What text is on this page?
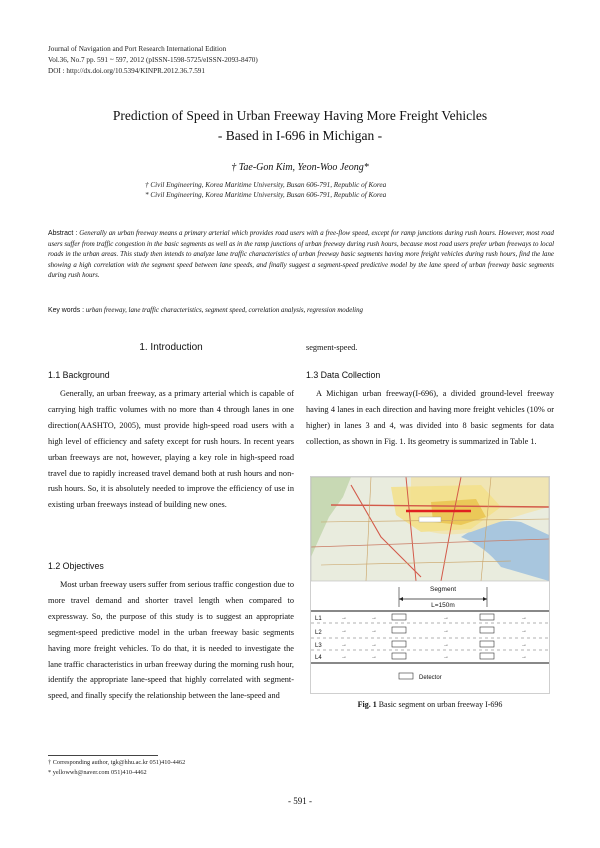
Journal of Navigation and Port Research International Edition
Vol.36, No.7 pp. 591 ~ 597, 2012 (pISSN-1598-5725/eISSN-2093-8470)
DOI : http://dx.doi.org/10.5394/KINPR.2012.36.7.591
Prediction of Speed in Urban Freeway Having More Freight Vehicles
- Based in I-696 in Michigan -
† Tae-Gon Kim, Yeon-Woo Jeong*
† Civil Engineering, Korea Maritime University, Busan 606-791, Republic of Korea
* Civil Engineering, Korea Maritime University, Busan 606-791, Republic of Korea
Abstract : Generally an urban freeway means a primary arterial which provides road users with a free-flow speed, except for ramp junctions during rush hours. However, most road users suffer from traffic congestion in the basic segments as well as in the ramp junctions of urban freeway during rush hours, because most road users prefer urban freeways to local roads in the urban areas. This study then intends to analyze lane traffic characteristics of urban freeway basic segments having more freight vehicles during rush hours, find the lane showing a high correlation with the segment speed between lane speeds, and finally suggest a segment-speed predictive model by the lane speed of urban freeway basic segments during rush hours.
Key words : urban freeway, lane traffic characteristics, segment speed, correlation analysis, regression modeling
1. Introduction
1.1 Background
Generally, an urban freeway, as a primary arterial which is capable of carrying high traffic volumes with no more than 4 through lanes in one direction(AASHTO, 2005), must provide high-speed road users with a high level of efficiency and safety except for rush hours. In recent years urban freeways are not, however, playing a key role in high-speed road travel due to rapidly increased travel demand both at rush hours and non-rush hours. So, it is absolutely needed to improve the efficiency of use in existing urban freeways instead of building new ones.
1.2 Objectives
Most urban freeway users suffer from serious traffic congestion due to more travel demand and shorter travel length when compared to expressway. So, the purpose of this study is to suggest an appropriate segment-speed predictive model in the urban freeway basic segments having more freight vehicles. To do that, it is needed to investigate the lane traffic characteristics in urban freeway during the morning rush hour, identify the appropriate lane-speed that highly correlated with segment-speed, and finally specify the relationship between the lane-speed and
segment-speed.
1.3 Data Collection
A Michigan urban freeway(I-696), a divided ground-level freeway having 4 lanes in each direction and having more freight vehicles (10% or higher) in lanes 3 and 4, was divided into 8 basic segments for data collection, as shown in Fig. 1. Its geometry is summarized in Table 1.
Segment
L=150m
L1
L2
L3
L4
→	→	→	→
→	→	→	→
→	→	→	→
→	→	→	→
Detector
Fig. 1 Basic segment on urban freeway I-696
† Corresponding author, tgk@hhu.ac.kr 051)410-4462
* yellowwh@naver.com 051)410-4462
- 591 -
